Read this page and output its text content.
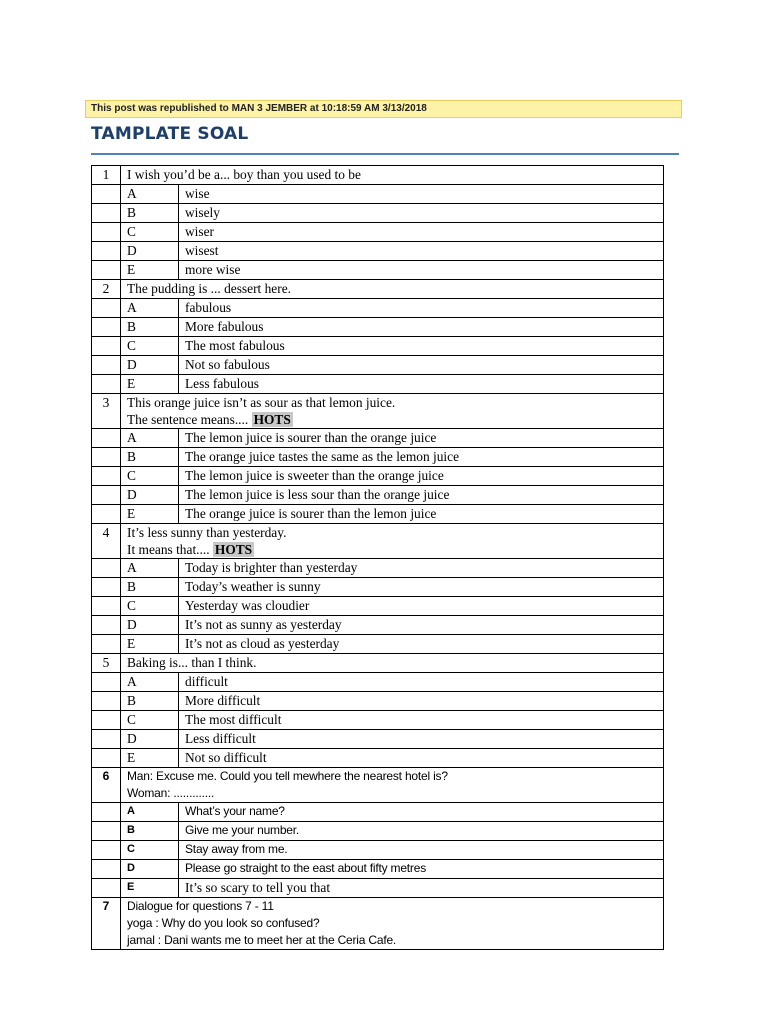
This post was republished to MAN 3 JEMBER at 10:18:59 AM 3/13/2018
TAMPLATE SOAL
1	I wish you’d be a... boy than you used to be	
	A	wise
	B	wisely
	C	wiser
	D	wisest
	E	more wise
2	The pudding is ... dessert here.	
	A	fabulous
	B	More fabulous
	C	The most fabulous
	D	Not so fabulous
	E	Less fabulous
3	This orange juice isn’t as sour as that lemon juice.
The sentence means.... HOTS	

	A	The lemon juice is sourer than the orange juice
	B	The orange juice tastes the same as the lemon juice
	C	The lemon juice is sweeter than the orange juice
	D	The lemon juice is less sour than the orange juice
	E	The orange juice is sourer than the lemon juice
4	It’s less sunny than yesterday.
It means that.... HOTS	

	A	Today is brighter than yesterday
	B	Today’s weather is sunny
	C	Yesterday was cloudier
	D	It’s not as sunny as yesterday
	E	It’s not as cloud as yesterday
5	Baking is... than I think.	
	A	difficult
	B	More difficult
	C	The most difficult
	D	Less difficult
	E	Not so difficult
6	Man: Excuse me. Could you tell mewhere the nearest hotel is?
Woman: .............	

	A	What’s your name?
	B	Give me your number.
	C	Stay away from me.
	D	Please go straight to the east about fifty metres
	E	It’s so scary to tell you that
7	Dialogue for questions 7 - 11
yoga : Why do you look so confused?
jamal : Dani wants me to meet her at the Ceria Cafe.	
